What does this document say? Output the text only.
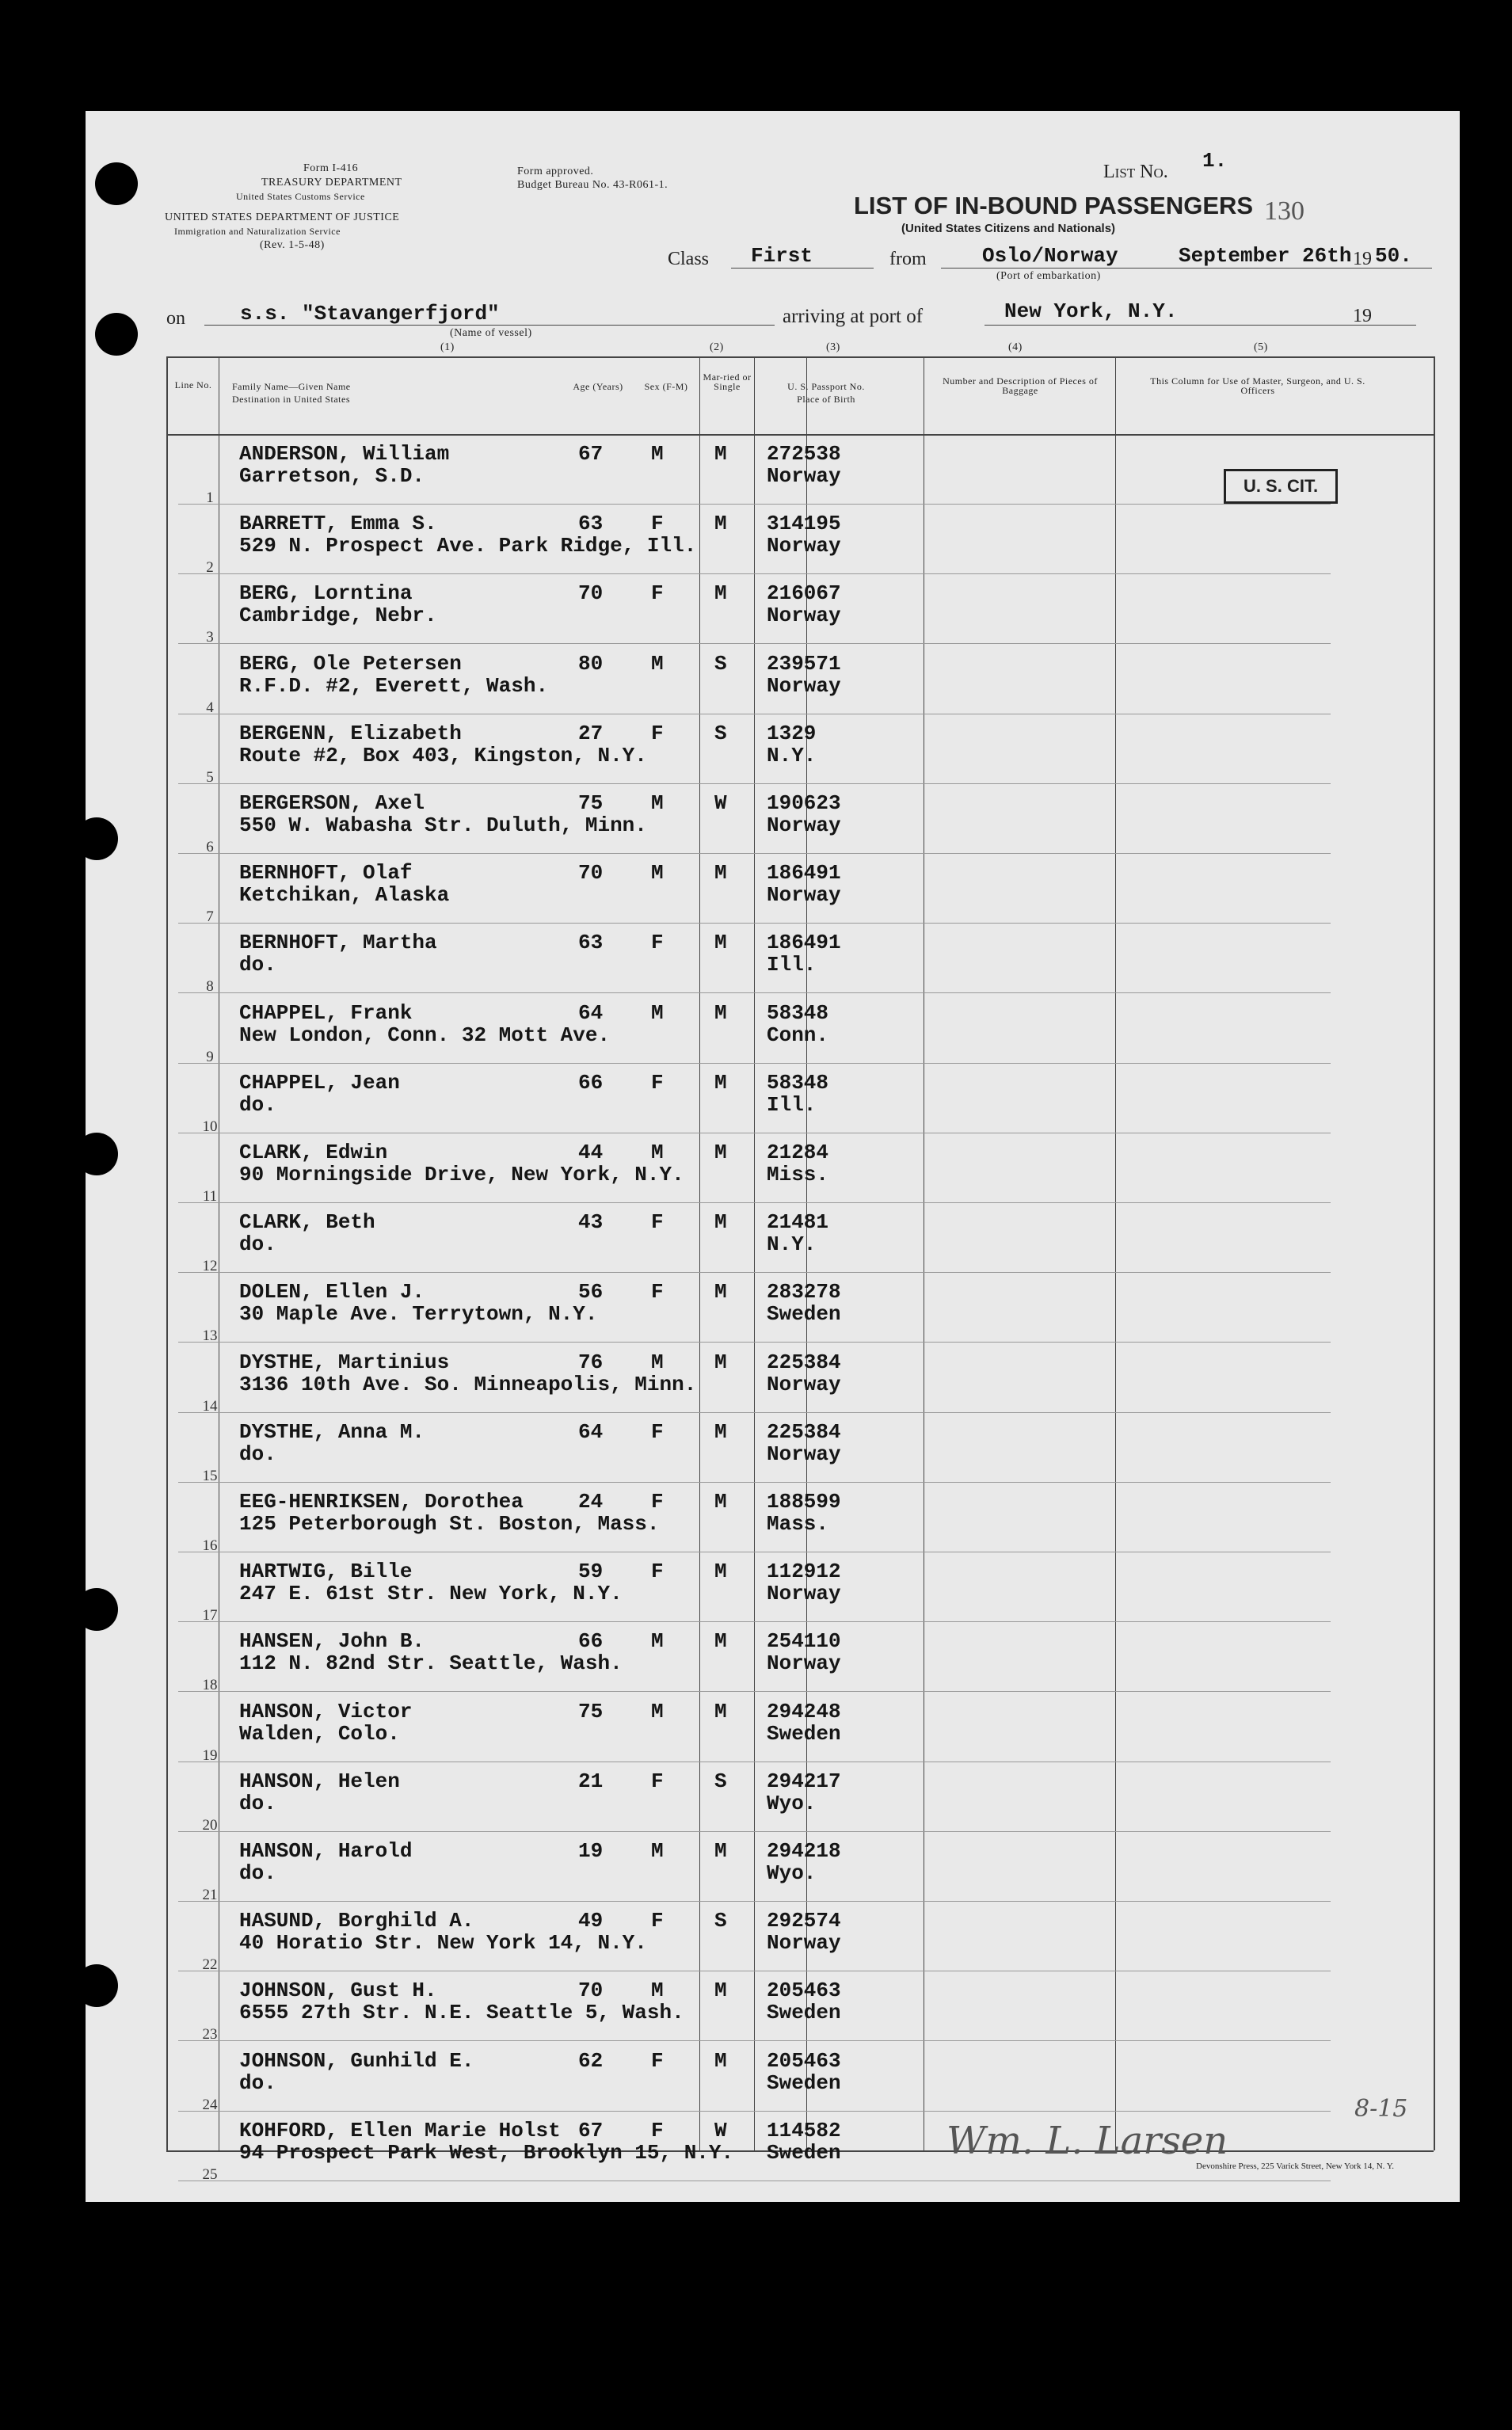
Form I-416
TREASURY DEPARTMENT
United States Customs Service
UNITED STATES DEPARTMENT OF JUSTICE
Immigration and Naturalization Service
(Rev. 1-5-48)
Form approved.
Budget Bureau No. 43-R061-1.
List No. 1.
130
LIST OF IN-BOUND PASSENGERS
(United States Citizens and Nationals)
Class First	from	Oslo/Norway
(Port of embarkation)
September 26th 19 50.
on	s.s. "Stavangerfjord"
(Name of vessel)
arriving at port of	New York, N.Y.	19
(1)	(2)	(3)	(4)	(5)
Line No.	Family Name—Given Name
Destination in United States
Age (Years)	Sex (F-M)
Mar-ried or Single	U. S. Passport No.
Place of Birth
Number and Description of Pieces of Baggage
This Column for Use of Master, Surgeon, and U. S. Officers
Devonshire Press, 225 Varick Street, New York 14, N. Y.
1
ANDERSON, William
Garretson, S.D.
67 M M 272538
Norway
2
BARRETT, Emma S.
529 N. Prospect Ave. Park Ridge, Ill.
63 F M 314195
Norway
3
BERG, Lorntina
Cambridge, Nebr.
70 F M 216067
Norway
4
BERG, Ole Petersen
R.F.D. #2, Everett, Wash.
80 M S 239571
Norway
5
BERGENN, Elizabeth
Route #2, Box 403, Kingston, N.Y.
27 F S 1329
N.Y.
6
BERGERSON, Axel
550 W. Wabasha Str. Duluth, Minn.
75 M W 190623
Norway
7
BERNHOFT, Olaf
Ketchikan, Alaska
70 M M 186491
Norway
8
BERNHOFT, Martha
do.
63 F M 186491
Ill.
9
CHAPPEL, Frank
New London, Conn. 32 Mott Ave.
64 M M 58348
Conn.
10
CHAPPEL, Jean
do.
66 F M 58348
Ill.
11
CLARK, Edwin
90 Morningside Drive, New York, N.Y.
44 M M 21284
Miss.
12
CLARK, Beth
do.
43 F M 21481
N.Y.
13
DOLEN, Ellen J.
30 Maple Ave. Terrytown, N.Y.
56 F M 283278
Sweden
14
DYSTHE, Martinius
3136 10th Ave. So. Minneapolis, Minn.
76 M M 225384
Norway
15
DYSTHE, Anna M.
do.
64 F M 225384
Norway
16
EEG-HENRIKSEN, Dorothea
125 Peterborough St. Boston, Mass.
24 F M 188599
Mass.
17
HARTWIG, Bille
247 E. 61st Str. New York, N.Y.
59 F M 112912
Norway
18
HANSEN, John B.
112 N. 82nd Str. Seattle, Wash.
66 M M 254110
Norway
19
HANSON, Victor
Walden, Colo.
75 M M 294248
Sweden
20
HANSON, Helen
do.
21 F S 294217
Wyo.
21
HANSON, Harold
do.
19 M M 294218
Wyo.
22
HASUND, Borghild A.
40 Horatio Str. New York 14, N.Y.
49 F S 292574
Norway
23
JOHNSON, Gust H.
6555 27th Str. N.E. Seattle 5, Wash.
70 M M 205463
Sweden
24
JOHNSON, Gunhild E.
do.
62 F M 205463
Sweden
25
KOHFORD, Ellen Marie Holst
94 Prospect Park West, Brooklyn 15, N.Y.
67 F W 114582
Sweden
U. S. CIT.
Wm. L. Larsen
8-15
